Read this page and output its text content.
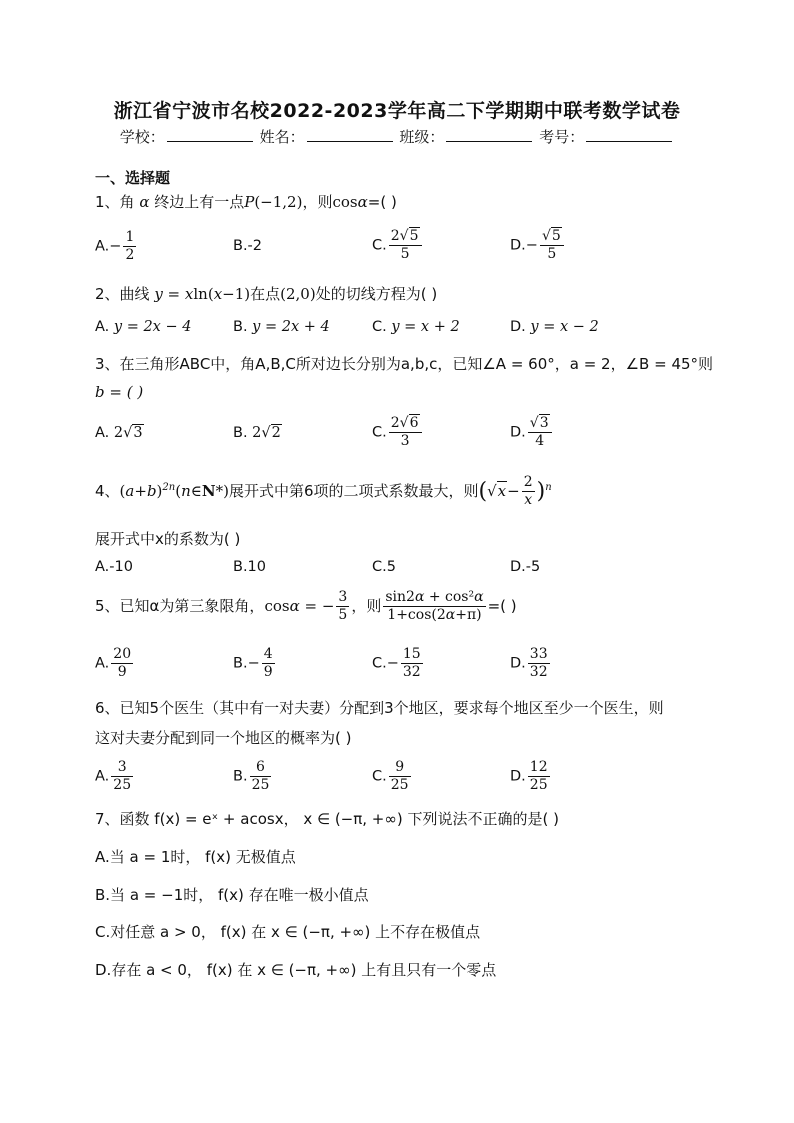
浙江省宁波市名校2022-2023学年高二下学期期中联考数学试卷
学校：	姓名：	班级：	考号：
一、选择题
1、角 α 终边上有一点P(−1,2)，则cosα=( )
$A.- \frac{1}{2}$	B.-2	C. $\frac{2√5}{5}$	$D.- \frac{√5}{5}$
2、曲线 y = xln(x−1)在点(2,0)处的切线方程为( )
A. y = 2x − 4	B. y = 2x + 4	C. y = x + 2	D. y = x − 2
3、在三角形ABC中，角A,B,C所对边长分别为a,b,c，已知∠A = 60°，a = 2，∠B = 45°则
b = ( )
A. 2√3	B. 2√2	C. $\frac{2√6}{3}$	D. $\frac{√3}{4}$
4、$(a+b)^{2n}(n\in N*)$展开式中第6项的二项式系数最大，则$(√x- \frac{2}{x} )^n$
展开式中x的系数为( )
A.-10	B.10	C.5	D.-5
5、已知α为第三象限角，cosα = − $\frac{3}{5}$ ，则 $\frac{\text{sin2α + cos²α}}{1+\cos(2\alpha+\pi)}$ =( )
A. $\frac{20}{9}$	$B.- \frac{4}{9}$	$C.- \frac{15}{32}$	D. $\frac{33}{32}$
6、已知5个医生（其中有一对夫妻）分配到3个地区，要求每个地区至少一个医生，则
这对夫妻分配到同一个地区的概率为( )
A. $\frac{3}{25}$	B. $\frac{6}{25}$	C. $\frac{9}{25}$	D. $\frac{12}{25}$
7、函数 f(x) = eˣ + acosx， x ∈ (−π, +∞) 下列说法不正确的是( )
A.当 a = 1时， f(x) 无极值点
B.当 a = −1时， f(x) 存在唯一极小值点
C.对任意 a > 0， f(x) 在 x ∈ (−π, +∞) 上不存在极值点
D.存在 a < 0， f(x) 在 x ∈ (−π, +∞) 上有且只有一个零点
